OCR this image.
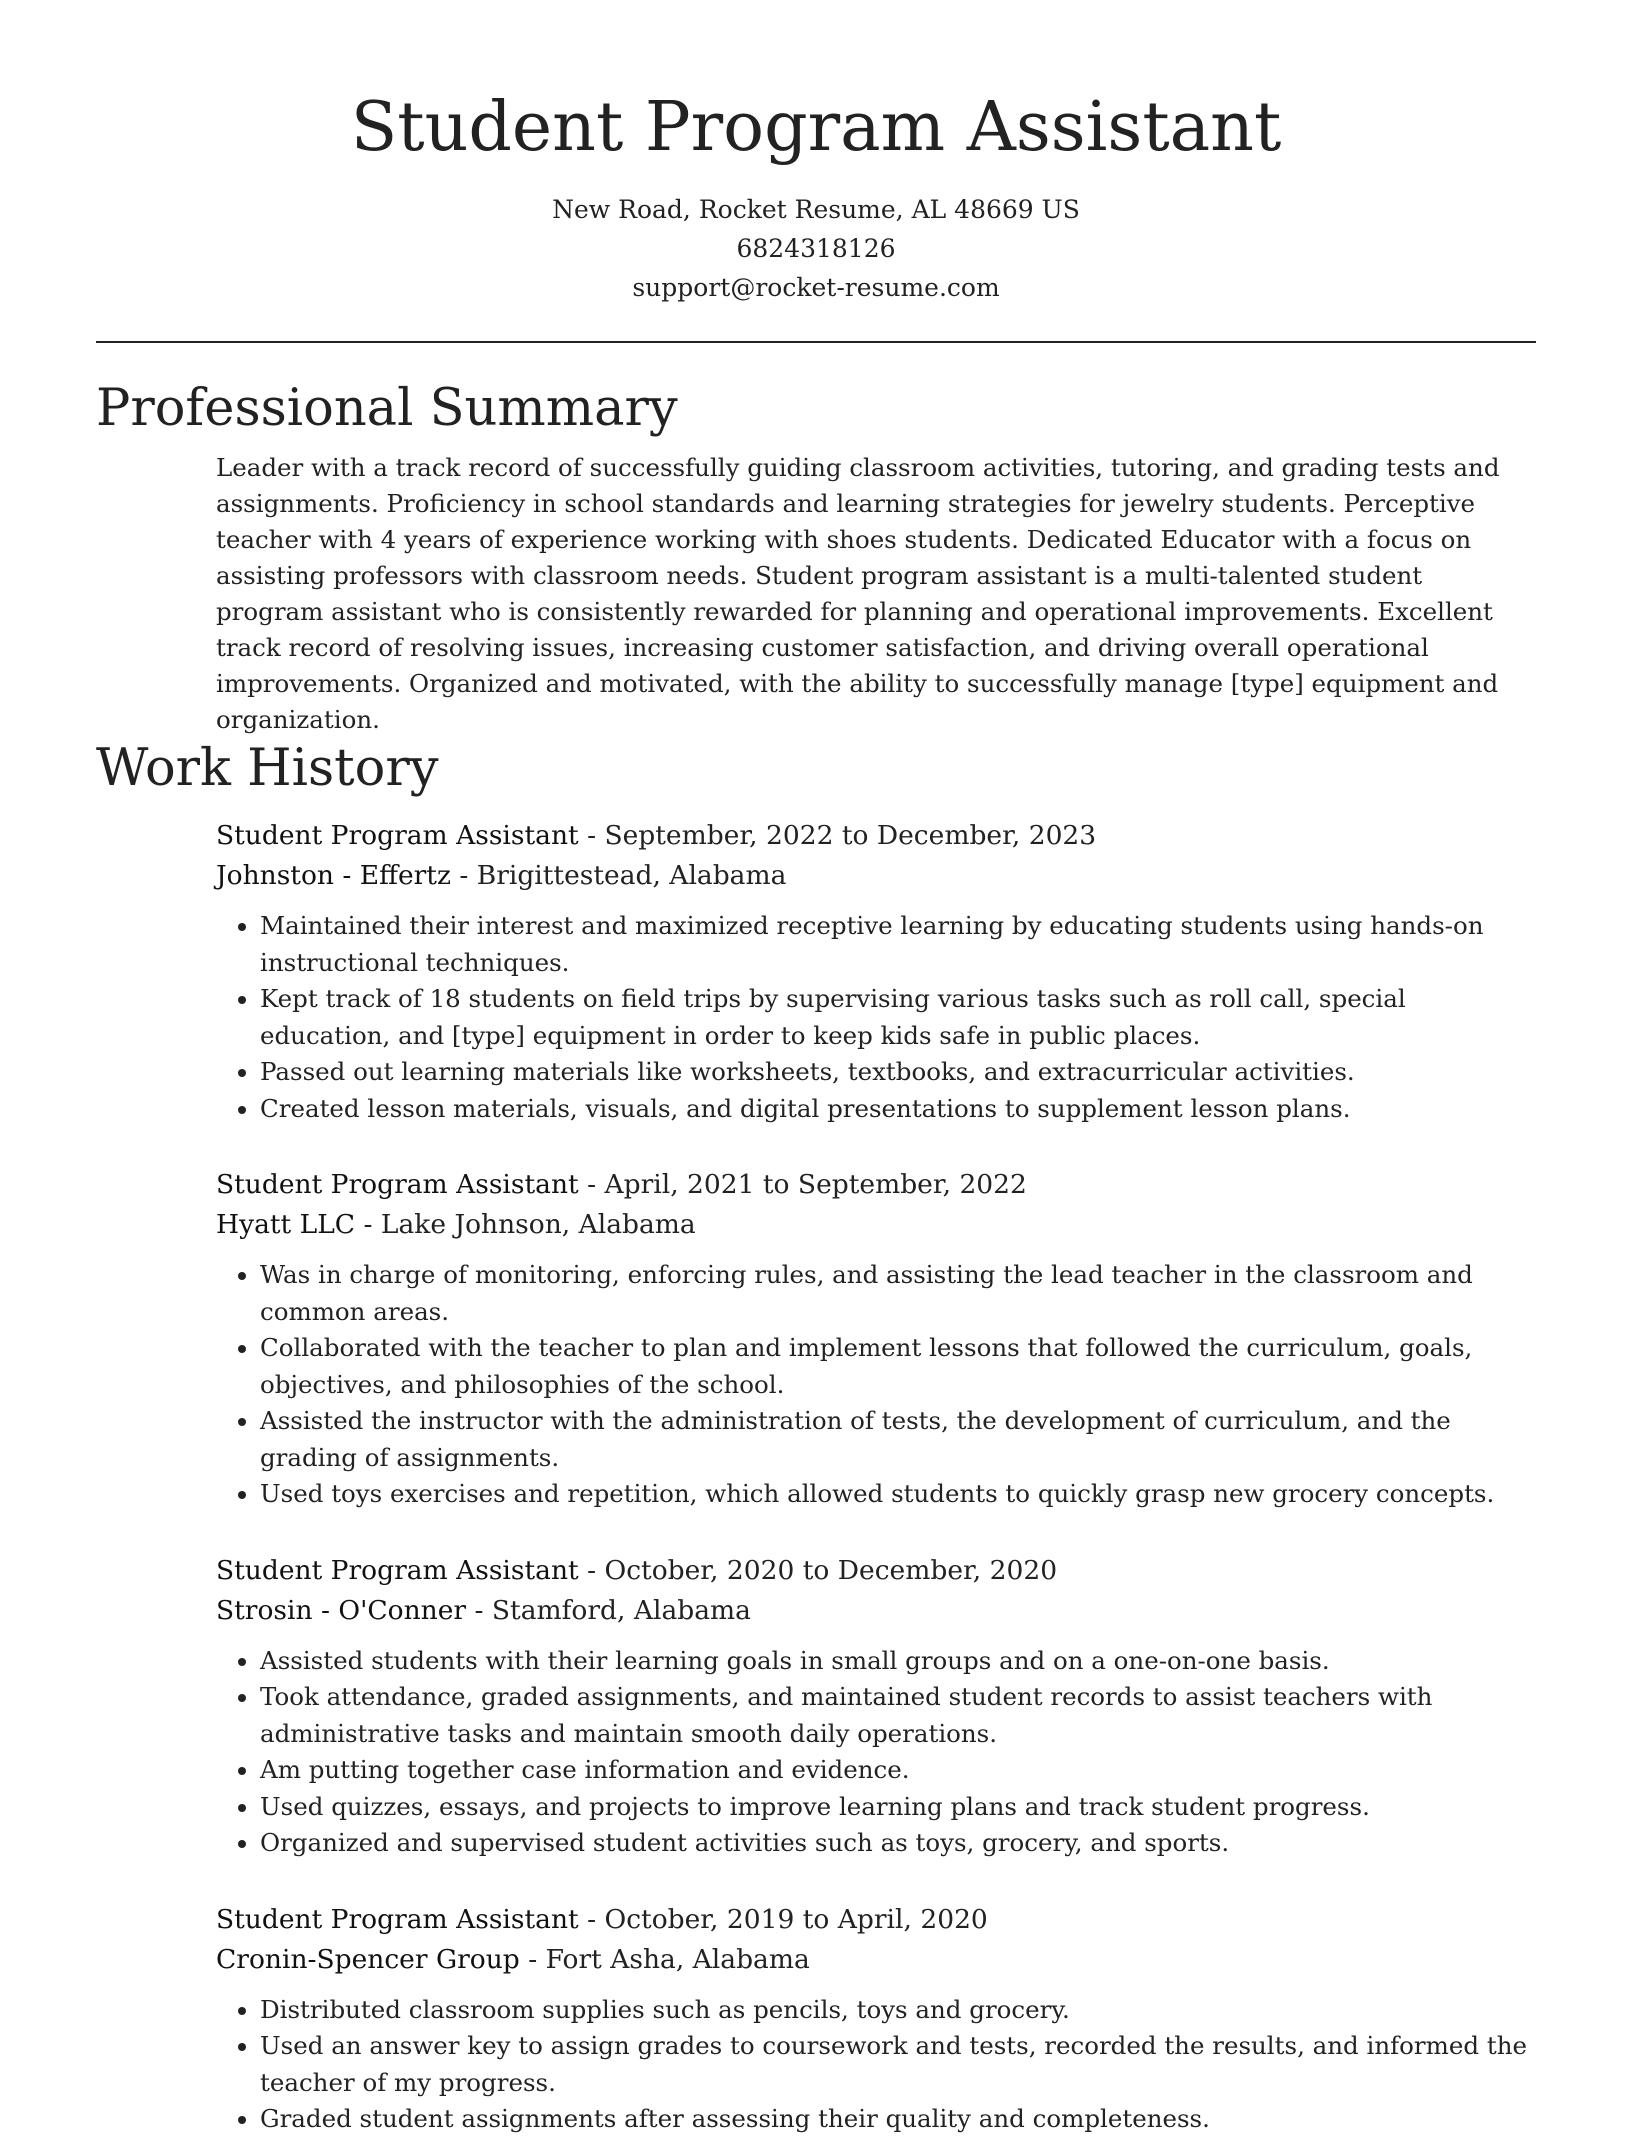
Student Program Assistant
New Road, Rocket Resume, AL 48669 US
6824318126
support@rocket-resume.com
Professional Summary
Leader with a track record of successfully guiding classroom activities, tutoring, and grading tests and assignments. Proficiency in school standards and learning strategies for jewelry students. Perceptive teacher with 4 years of experience working with shoes students. Dedicated Educator with a focus on assisting professors with classroom needs. Student program assistant is a multi-talented student program assistant who is consistently rewarded for planning and operational improvements. Excellent track record of resolving issues, increasing customer satisfaction, and driving overall operational improvements. Organized and motivated, with the ability to successfully manage [type] equipment and organization.
Work History
Student Program Assistant - September, 2022 to December, 2023
Johnston - Effertz - Brigittestead, Alabama
• Maintained their interest and maximized receptive learning by educating students using hands-on instructional techniques.
• Kept track of 18 students on field trips by supervising various tasks such as roll call, special education, and [type] equipment in order to keep kids safe in public places.
• Passed out learning materials like worksheets, textbooks, and extracurricular activities.
• Created lesson materials, visuals, and digital presentations to supplement lesson plans.
Student Program Assistant - April, 2021 to September, 2022
Hyatt LLC - Lake Johnson, Alabama
• Was in charge of monitoring, enforcing rules, and assisting the lead teacher in the classroom and common areas.
• Collaborated with the teacher to plan and implement lessons that followed the curriculum, goals, objectives, and philosophies of the school.
• Assisted the instructor with the administration of tests, the development of curriculum, and the grading of assignments.
• Used toys exercises and repetition, which allowed students to quickly grasp new grocery concepts.
Student Program Assistant - October, 2020 to December, 2020
Strosin - O'Conner - Stamford, Alabama
• Assisted students with their learning goals in small groups and on a one-on-one basis.
• Took attendance, graded assignments, and maintained student records to assist teachers with administrative tasks and maintain smooth daily operations.
• Am putting together case information and evidence.
• Used quizzes, essays, and projects to improve learning plans and track student progress.
• Organized and supervised student activities such as toys, grocery, and sports.
Student Program Assistant - October, 2019 to April, 2020
Cronin-Spencer Group - Fort Asha, Alabama
• Distributed classroom supplies such as pencils, toys and grocery.
• Used an answer key to assign grades to coursework and tests, recorded the results, and informed the teacher of my progress.
• Graded student assignments after assessing their quality and completeness.
